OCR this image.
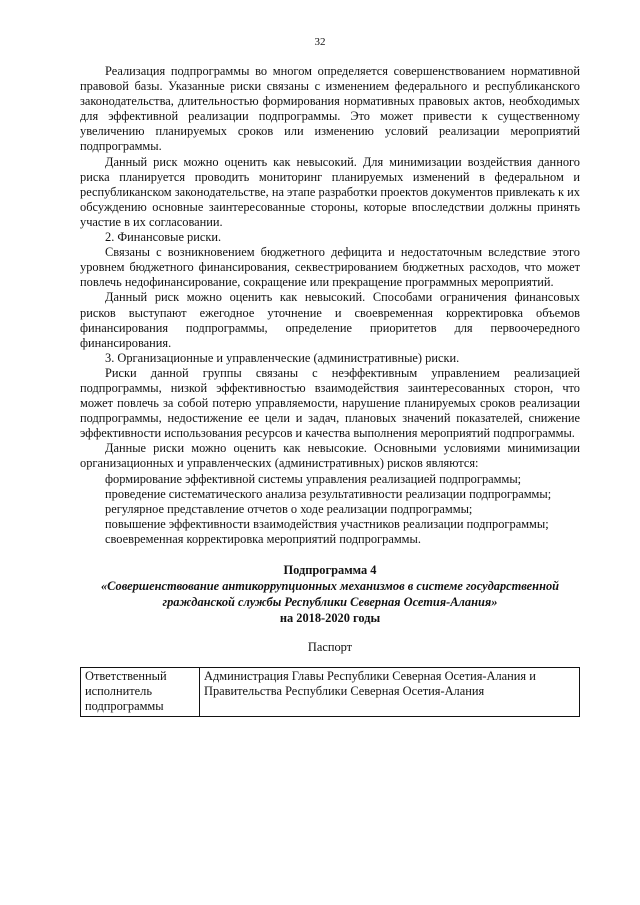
32

Реализация подпрограммы во многом определяется совершенствованием нормативной правовой базы. Указанные риски связаны с изменением федерального и республиканского законодательства, длительностью формирования нормативных правовых актов, необходимых для эффективной реализации подпрограммы. Это может привести к существенному увеличению планируемых сроков или изменению условий реализации мероприятий подпрограммы.

Данный риск можно оценить как невысокий. Для минимизации воздействия данного риска планируется проводить мониторинг планируемых изменений в федеральном и республиканском законодательстве, на этапе разработки проектов документов привлекать к их обсуждению основные заинтересованные стороны, которые впоследствии должны принять участие в их согласовании.

2. Финансовые риски.

Связаны с возникновением бюджетного дефицита и недостаточным вследствие этого уровнем бюджетного финансирования, секвестрированием бюджетных расходов, что может повлечь недофинансирование, сокращение или прекращение программных мероприятий.

Данный риск можно оценить как невысокий. Способами ограничения финансовых рисков выступают ежегодное уточнение и своевременная корректировка объемов финансирования подпрограммы, определение приоритетов для первоочередного финансирования.

3. Организационные и управленческие (административные) риски.

Риски данной группы связаны с неэффективным управлением реализацией подпрограммы, низкой эффективностью взаимодействия заинтересованных сторон, что может повлечь за собой потерю управляемости, нарушение планируемых сроков реализации подпрограммы, недостижение ее цели и задач, плановых значений показателей, снижение эффективности использования ресурсов и качества выполнения мероприятий подпрограммы.

Данные риски можно оценить как невысокие. Основными условиями минимизации организационных и управленческих (административных) рисков являются:

формирование эффективной системы управления реализацией подпрограммы;

проведение систематического анализа результативности реализации подпрограммы;

регулярное представление отчетов о ходе реализации подпрограммы;

повышение эффективности взаимодействия участников реализации подпрограммы;

своевременная корректировка мероприятий подпрограммы.

Подпрограмма 4
«Совершенствование антикоррупционных механизмов в системе государственной гражданской службы Республики Северная Осетия-Алания»
на 2018-2020 годы
Паспорт
Ответственный исполнитель подпрограммы	Администрация Главы Республики Северная Осетия-Алания и Правительства Республики Северная Осетия-Алания
